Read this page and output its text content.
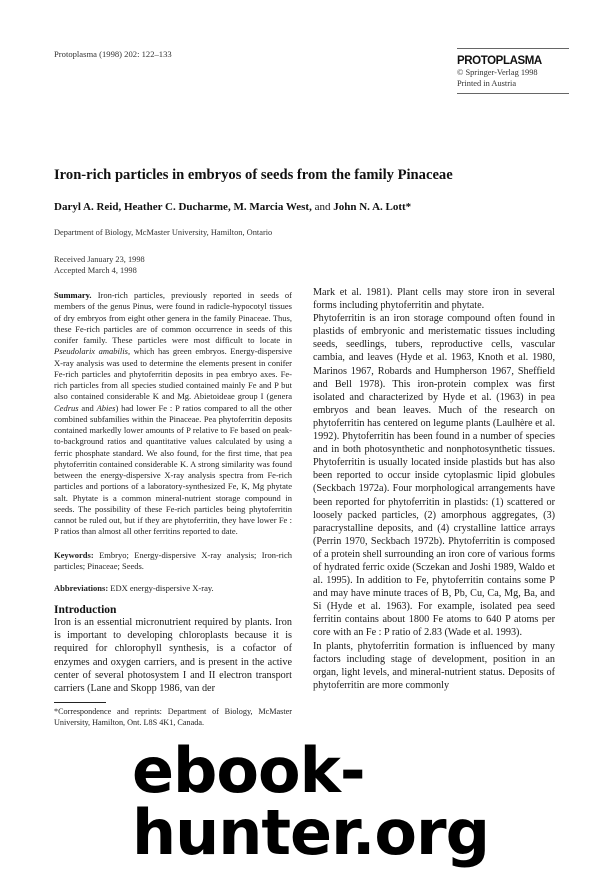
Protoplasma (1998) 202: 122–133
PROTOPLASMA
© Springer-Verlag 1998
Printed in Austria
Iron-rich particles in embryos of seeds from the family Pinaceae
Daryl A. Reid, Heather C. Ducharme, M. Marcia West, and John N. A. Lott*
Department of Biology, McMaster University, Hamilton, Ontario
Received January 23, 1998
Accepted March 4, 1998

Summary. Iron-rich particles, previously reported in seeds of members of the genus Pinus, were found in radicle-hypocotyl tissues of dry embryos from eight other genera in the family Pinaceae. Thus, these Fe-rich particles are of common occurrence in seeds of this conifer family. These particles were most difficult to locate in Pseudolarix amabilis, which has green embryos. Energy-dispersive X-ray analysis was used to determine the elements present in conifer Fe-rich particles and phytoferritin deposits in pea embryo axes. Fe-rich particles from all species studied contained mainly Fe and P but also contained considerable K and Mg. Abietoideae group I (genera Cedrus and Abies) had lower Fe : P ratios compared to all the other combined subfamilies within the Pinaceae. Pea phytoferritin deposits contained markedly lower amounts of P relative to Fe based on peak-to-background ratios and quantitative values calculated by using a ferric phosphate standard. We also found, for the first time, that pea phytoferritin contained considerable K. A strong similarity was found between the energy-dispersive X-ray analysis spectra from Fe-rich particles and portions of a laboratory-synthesized Fe, K, Mg phytate salt. Phytate is a common mineral-nutrient storage compound in seeds. The possibility of these Fe-rich particles being phytoferritin cannot be ruled out, but if they are phytoferritin, they have lower Fe : P ratios than almost all other ferritins reported to date.

Keywords: Embryo; Energy-dispersive X-ray analysis; Iron-rich particles; Pinaceae; Seeds.

Abbreviations: EDX energy-dispersive X-ray.

Introduction

Iron is an essential micronutrient required by plants. Iron is important to developing chloroplasts because it is required for chlorophyll synthesis, is a cofactor of enzymes and oxygen carriers, and is present in the active center of several photosystem I and II electron transport carriers (Lane and Skopp 1986, van der

*Correspondence and reprints: Department of Biology, McMaster University, Hamilton, Ont. L8S 4K1, Canada.

Mark et al. 1981). Plant cells may store iron in several forms including phytoferritin and phytate.

Phytoferritin is an iron storage compound often found in plastids of embryonic and meristematic tissues including seeds, seedlings, tubers, reproductive cells, vascular cambia, and leaves (Hyde et al. 1963, Knoth et al. 1980, Marinos 1967, Robards and Humpherson 1967, Sheffield and Bell 1978). This iron-protein complex was first isolated and characterized by Hyde et al. (1963) in pea embryos and bean leaves. Much of the research on phytoferritin has centered on legume plants (Laulhère et al. 1992). Phytoferritin has been found in a number of species and in both photosynthetic and nonphotosynthetic tissues. Phytoferritin is usually located inside plastids but has also been reported to occur inside cytoplasmic lipid globules (Seckbach 1972a). Four morphological arrangements have been reported for phytoferritin in plastids: (1) scattered or loosely packed particles, (2) amorphous aggregates, (3) paracrystalline deposits, and (4) crystalline lattice arrays (Perrin 1970, Seckbach 1972b). Phytoferritin is composed of a protein shell surrounding an iron core of various forms of hydrated ferric oxide (Sczekan and Joshi 1989, Waldo et al. 1995). In addition to Fe, phytoferritin contains some P and may have minute traces of B, Pb, Cu, Ca, Mg, Ba, and Si (Hyde et al. 1963). For example, isolated pea seed ferritin contains about 1800 Fe atoms to 640 P atoms per core with an Fe : P ratio of 2.83 (Wade et al. 1993).

In plants, phytoferritin formation is influenced by many factors including stage of development, position in an organ, light levels, and mineral-nutrient status. Deposits of phytoferritin are more commonly

ebook-hunter.org
